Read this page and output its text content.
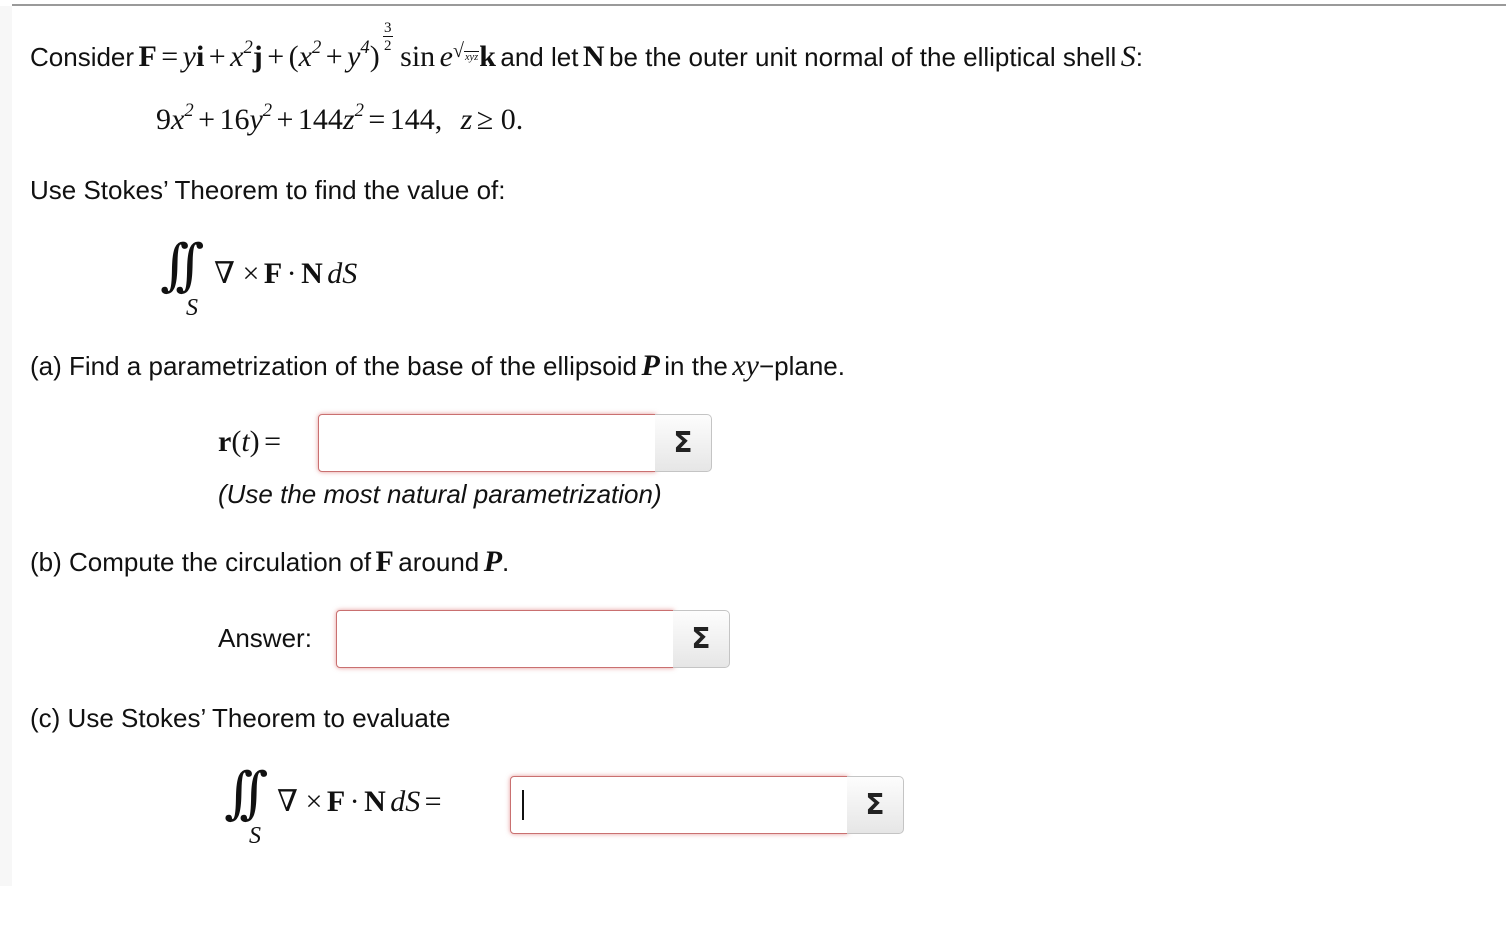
Consider F = yi + $x^2j + (x^2 + y^4) \frac{3}{2}$ sin e√xyzk and let N be the outer unit normal of the elliptical shell S:
$9x^2 + 16y^2 + 144z^2 = 144$, z ≥ 0.
Use Stokes’ Theorem to find the value of:
∫∫
S
∇ × F · N dS
(a) Find a parametrization of the base of the ellipsoid P in the xy−plane.
r(t) =	Σ
(Use the most natural parametrization)
(b) Compute the circulation of F around P.
Answer:	Σ
(c) Use Stokes’ Theorem to evaluate
∫∫
S
∇ × F · N dS =	Σ
